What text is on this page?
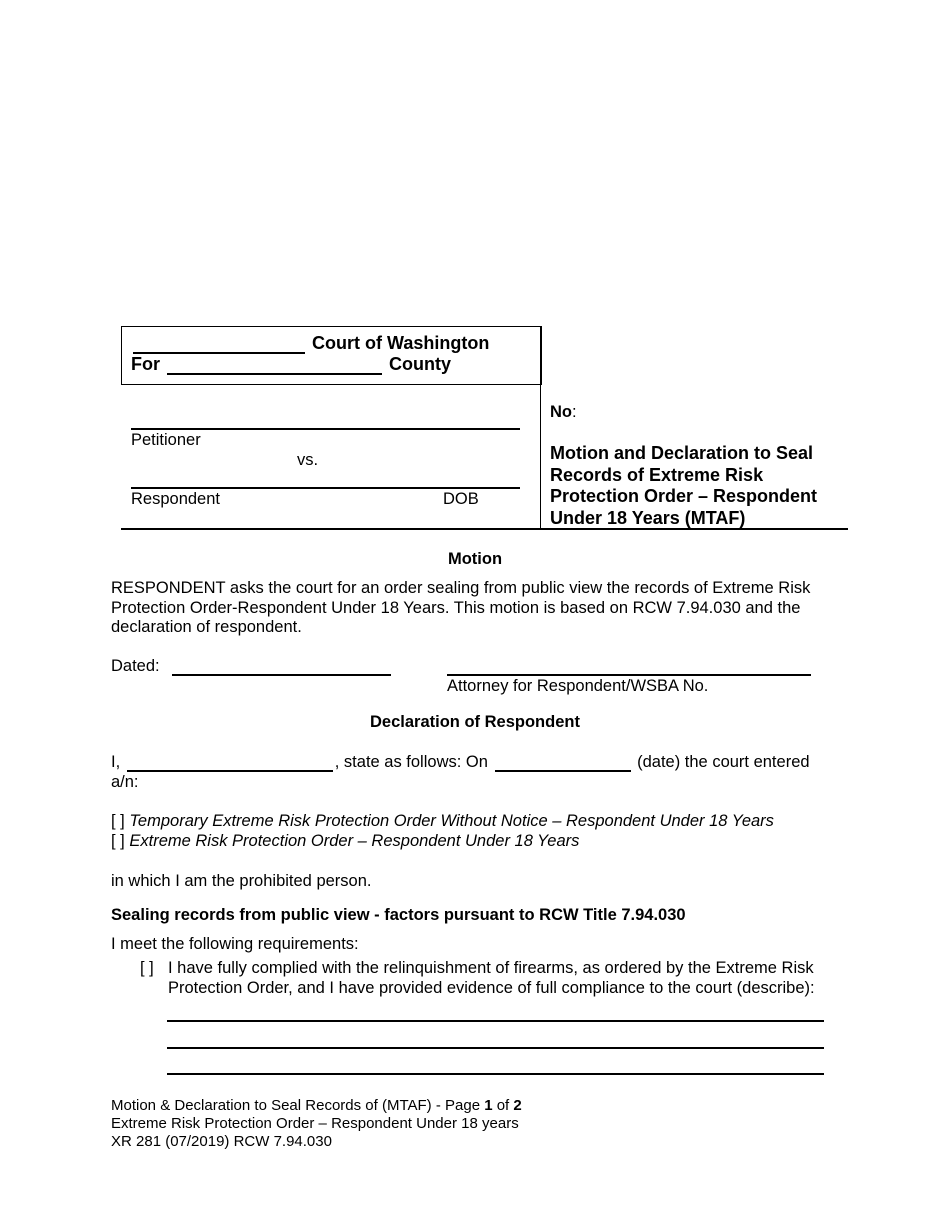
Court of Washington
For	County
Petitioner
vs.
Respondent	DOB
No:
Motion and Declaration to Seal
Records of Extreme Risk
Protection Order – Respondent
Under 18 Years (MTAF)
Motion
RESPONDENT asks the court for an order sealing from public view the records of Extreme Risk Protection Order-Respondent Under 18 Years. This motion is based on RCW 7.94.030 and the declaration of respondent.
Dated:
Attorney for Respondent/WSBA No.
Declaration of Respondent
I,	, state as follows: On	(date) the court entered
a/n:
[ ] Temporary Extreme Risk Protection Order Without Notice – Respondent Under 18 Years
[ ] Extreme Risk Protection Order – Respondent Under 18 Years
in which I am the prohibited person.
Sealing records from public view - factors pursuant to RCW Title 7.94.030
I meet the following requirements:
[ ] I have fully complied with the relinquishment of firearms, as ordered by the Extreme Risk Protection Order, and I have provided evidence of full compliance to the court (describe):
Motion & Declaration to Seal Records of (MTAF) - Page 1 of 2
Extreme Risk Protection Order – Respondent Under 18 years
XR 281 (07/2019) RCW 7.94.030
